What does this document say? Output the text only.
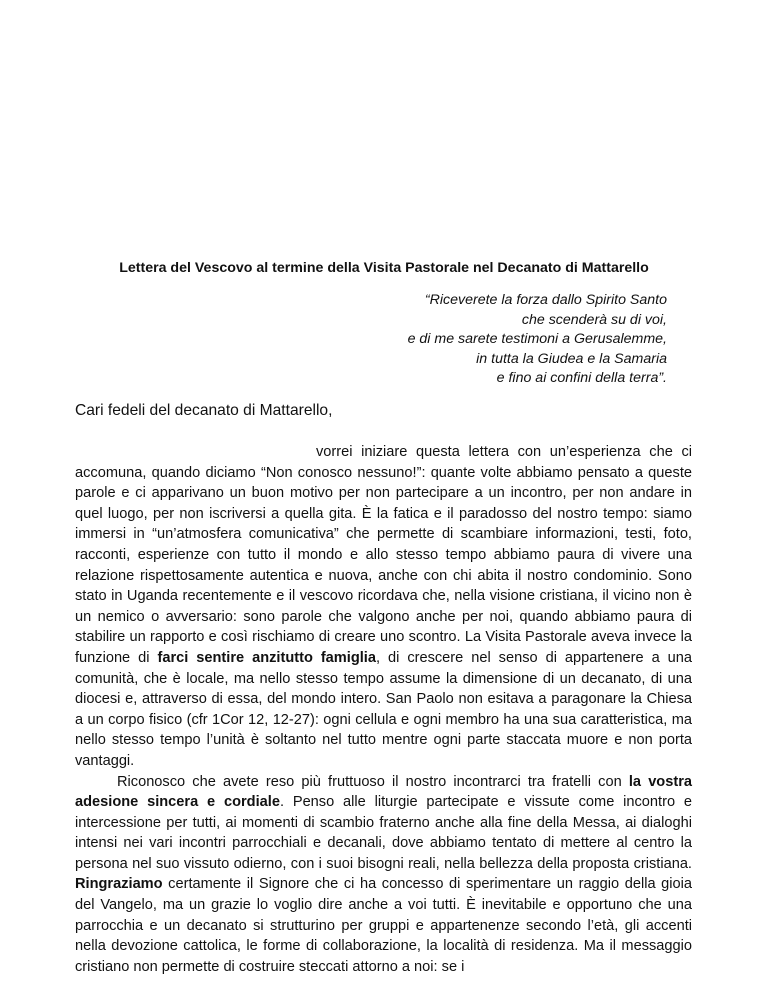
Lettera del Vescovo al termine della Visita Pastorale nel Decanato di Mattarello
“Riceverete la forza dallo Spirito Santo
che scenderà su di voi,
e di me sarete testimoni a Gerusalemme,
in tutta la Giudea e la Samaria
e fino ai confini della terra”.
Cari fedeli del decanato di Mattarello,

vorrei iniziare questa lettera con un’esperienza che ci accomuna, quando diciamo “Non conosco nessuno!”: quante volte abbiamo pensato a queste parole e ci apparivano un buon motivo per non partecipare a un incontro, per non andare in quel luogo, per non iscriversi a quella gita. È la fatica e il paradosso del nostro tempo: siamo immersi in “un’atmosfera comunicativa” che permette di scambiare informazioni, testi, foto, racconti, esperienze con tutto il mondo e allo stesso tempo abbiamo paura di vivere una relazione rispettosamente autentica e nuova, anche con chi abita il nostro condominio. Sono stato in Uganda recentemente e il vescovo ricordava che, nella visione cristiana, il vicino non è un nemico o avversario: sono parole che valgono anche per noi, quando abbiamo paura di stabilire un rapporto e così rischiamo di creare uno scontro. La Visita Pastorale aveva invece la funzione di farci sentire anzitutto famiglia, di crescere nel senso di appartenere a una comunità, che è locale, ma nello stesso tempo assume la dimensione di un decanato, di una diocesi e, attraverso di essa, del mondo intero. San Paolo non esitava a paragonare la Chiesa a un corpo fisico (cfr 1Cor 12, 12-27): ogni cellula e ogni membro ha una sua caratteristica, ma nello stesso tempo l’unità è soltanto nel tutto mentre ogni parte staccata muore e non porta vantaggi.

Riconosco che avete reso più fruttuoso il nostro incontrarci tra fratelli con la vostra adesione sincera e cordiale. Penso alle liturgie partecipate e vissute come incontro e intercessione per tutti, ai momenti di scambio fraterno anche alla fine della Messa, ai dialoghi intensi nei vari incontri parrocchiali e decanali, dove abbiamo tentato di mettere al centro la persona nel suo vissuto odierno, con i suoi bisogni reali, nella bellezza della proposta cristiana. Ringraziamo certamente il Signore che ci ha concesso di sperimentare un raggio della gioia del Vangelo, ma un grazie lo voglio dire anche a voi tutti. È inevitabile e opportuno che una parrocchia e un decanato si strutturino per gruppi e appartenenze secondo l’età, gli accenti nella devozione cattolica, le forme di collaborazione, la località di residenza. Ma il messaggio cristiano non permette di costruire steccati attorno a noi: se i
